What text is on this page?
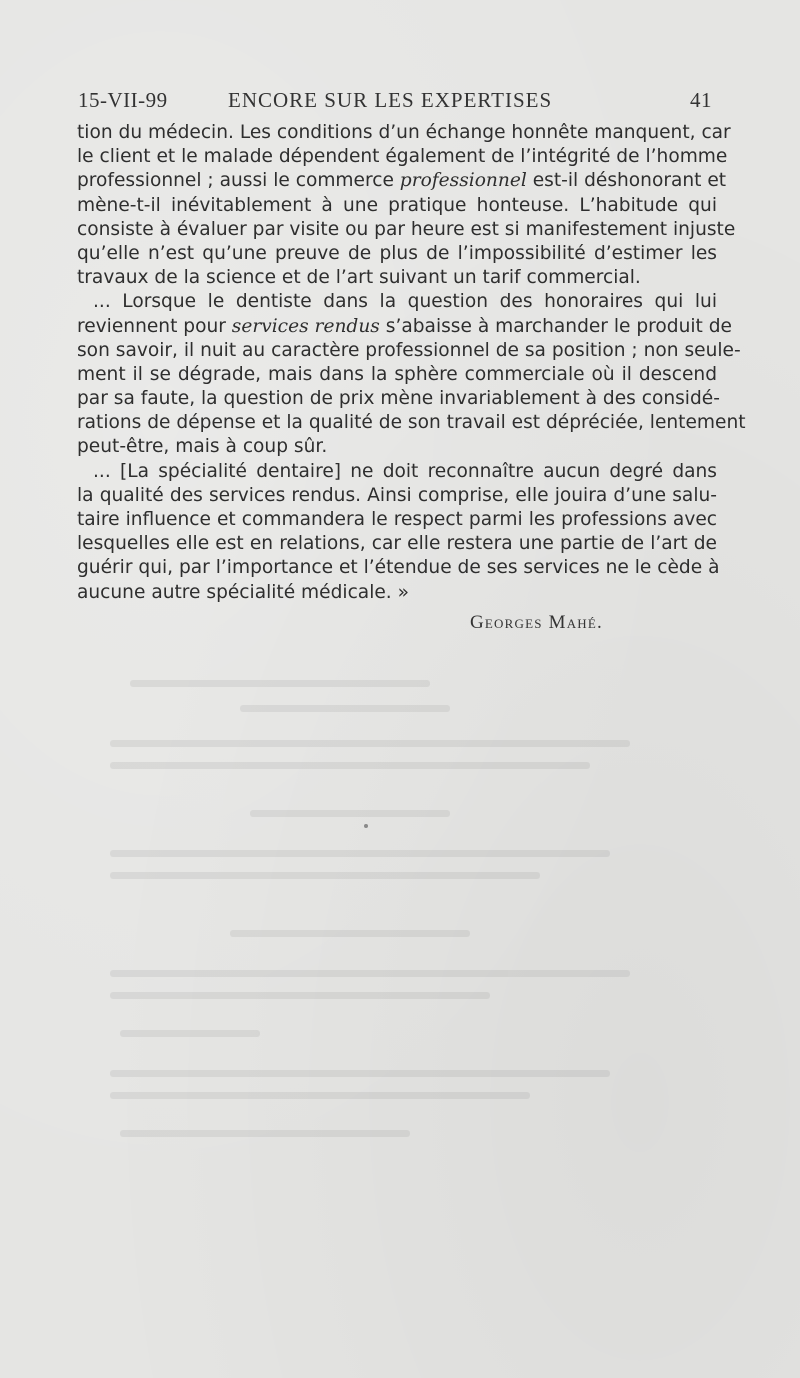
15-VII-99	ENCORE SUR LES EXPERTISES	41
tion du médecin. Les conditions d’un échange honnête manquent, car
le client et le malade dépendent également de l’intégrité de l’homme
professionnel ; aussi le commerce professionnel est-il déshonorant et
mène-t-il inévitablement à une pratique honteuse. L’habitude qui
consiste à évaluer par visite ou par heure est si manifestement injuste
qu’elle n’est qu’une preuve de plus de l’impossibilité d’estimer les
travaux de la science et de l’art suivant un tarif commercial.
... Lorsque le dentiste dans la question des honoraires qui lui
reviennent pour services rendus s’abaisse à marchander le produit de
son savoir, il nuit au caractère professionnel de sa position ; non seule-
ment il se dégrade, mais dans la sphère commerciale où il descend
par sa faute, la question de prix mène invariablement à des considé-
rations de dépense et la qualité de son travail est dépréciée, lentement
peut-être, mais à coup sûr.
... [La spécialité dentaire] ne doit reconnaître aucun degré dans
la qualité des services rendus. Ainsi comprise, elle jouira d’une salu-
taire influence et commandera le respect parmi les professions avec
lesquelles elle est en relations, car elle restera une partie de l’art de
guérir qui, par l’importance et l’étendue de ses services ne le cède à
aucune autre spécialité médicale. »
Georges Mahé.
